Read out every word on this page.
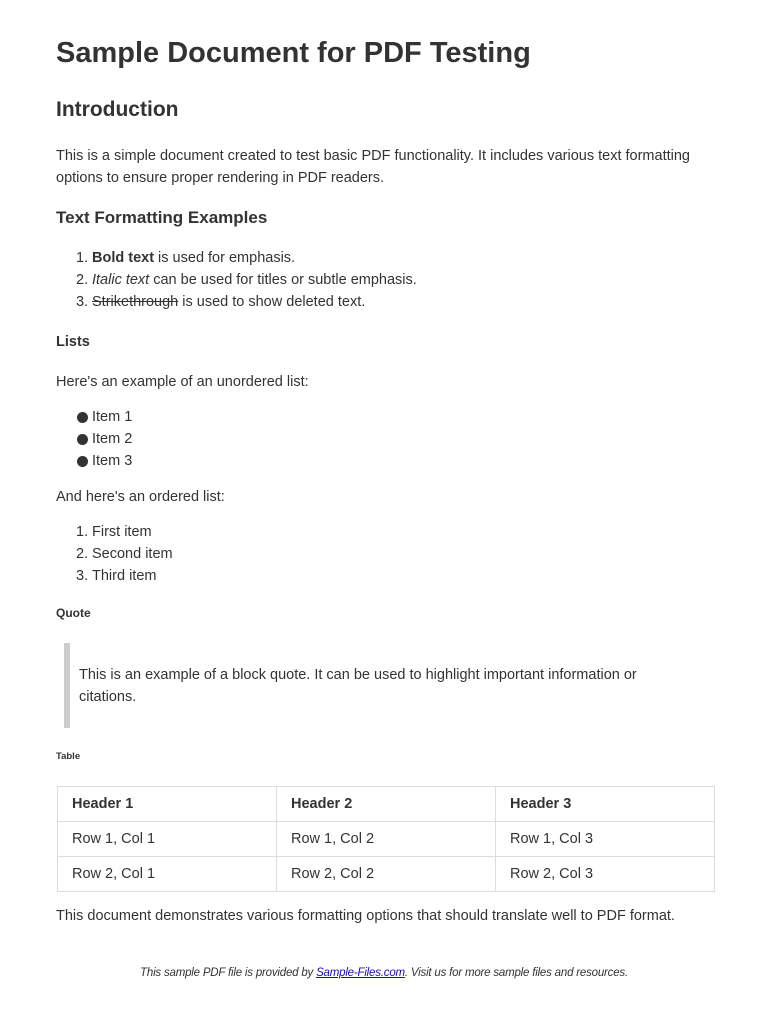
Sample Document for PDF Testing
Introduction
This is a simple document created to test basic PDF functionality. It includes various text formatting
options to ensure proper rendering in PDF readers.
Text Formatting Examples
1. Bold text is used for emphasis.
2. Italic text can be used for titles or subtle emphasis.
3. Strikethrough is used to show deleted text.
Lists
Here's an example of an unordered list:
Item 1
Item 2
Item 3
And here's an ordered list:
1. First item
2. Second item
3. Third item
Quote
This is an example of a block quote. It can be used to highlight important information or
citations.
Table
Header 1	Header 2	Header 3
Row 1, Col 1	Row 1, Col 2	Row 1, Col 3
Row 2, Col 1	Row 2, Col 2	Row 2, Col 3
This document demonstrates various formatting options that should translate well to PDF format.
This sample PDF file is provided by Sample-Files.com. Visit us for more sample files and resources.
